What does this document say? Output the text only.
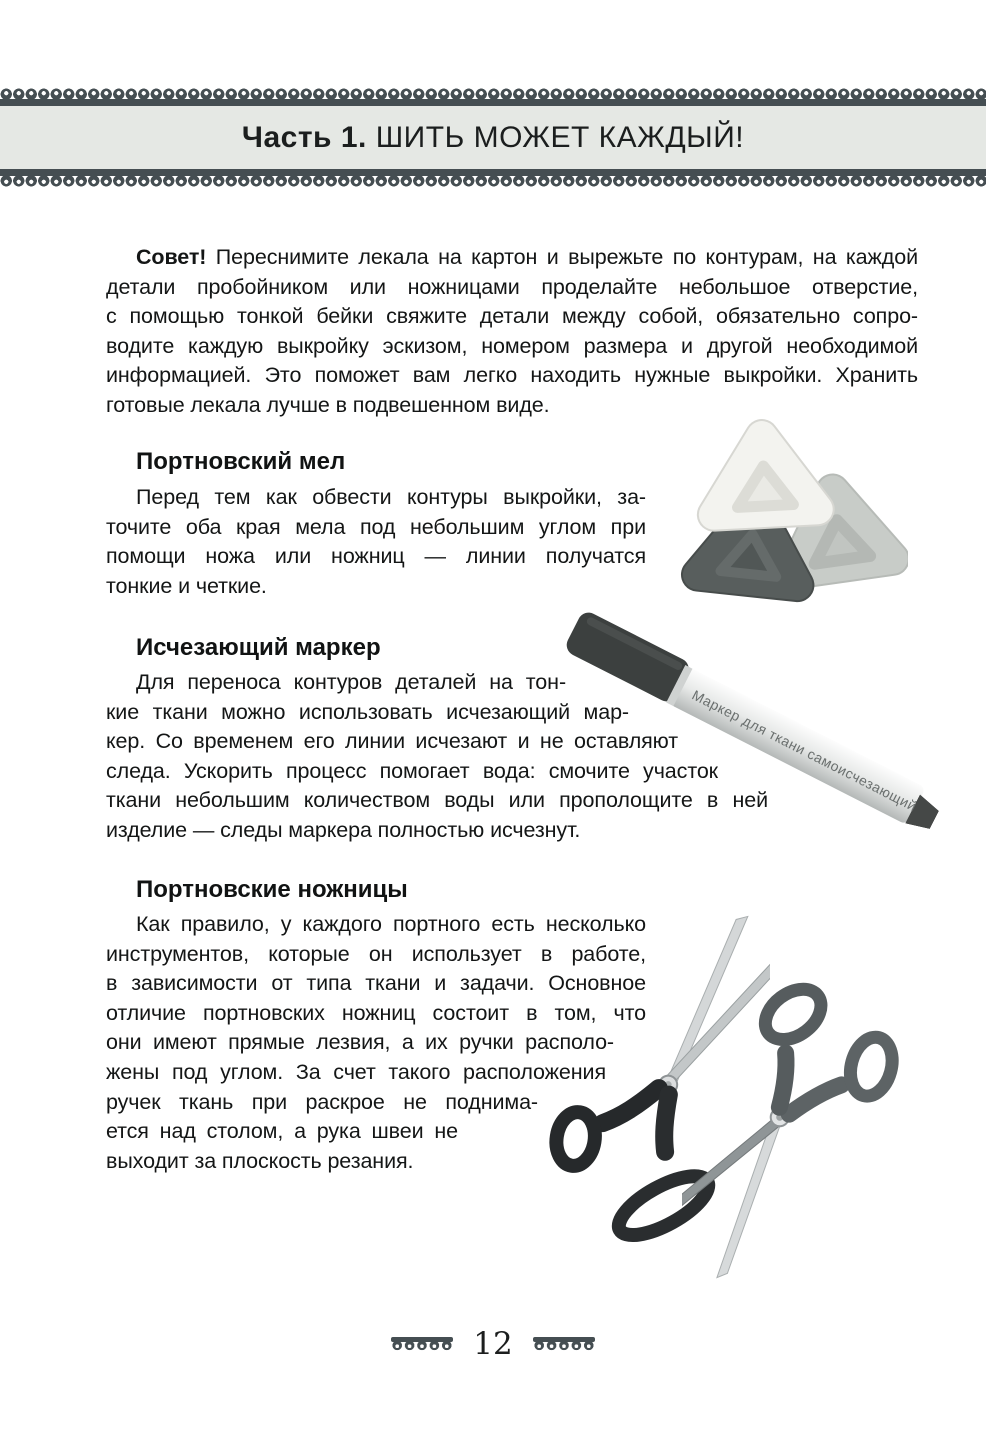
Часть 1. ШИТЬ МОЖЕТ КАЖДЫЙ!
Совет! Переснимите лекала на картон и вырежьте по контурам, на каждой
детали пробойником или ножницами проделайте небольшое отверстие,
с помощью тонкой бейки свяжите детали между собой, обязательно сопро-
водите каждую выкройку эскизом, номером размера и другой необходимой
информацией. Это поможет вам легко находить нужные выкройки. Хранить
готовые лекала лучше в подвешенном виде.
Портновский мел
Перед тем как обвести контуры выкройки, за-
точите оба края мела под небольшим углом при
помощи ножа или ножниц — линии получатся
тонкие и четкие.
Исчезающий маркер
Для переноса контуров деталей на тон-
кие ткани можно использовать исчезающий мар-
кер. Со временем его линии исчезают и не оставляют
следа. Ускорить процесс помогает вода: смочите участок
ткани небольшим количеством воды или прополощите в ней
изделие — следы маркера полностью исчезнут.
Маркер для ткани самоисчезающий
Портновские ножницы
Как правило, у каждого портного есть несколько
инструментов, которые он использует в работе,
в зависимости от типа ткани и задачи. Основное
отличие портновских ножниц состоит в том, что
они имеют прямые лезвия, а их ручки располо-
жены под углом. За счет такого расположения
ручек ткань при раскрое не поднима-
ется над столом, а рука швеи не
выходит за плоскость резания.
12
